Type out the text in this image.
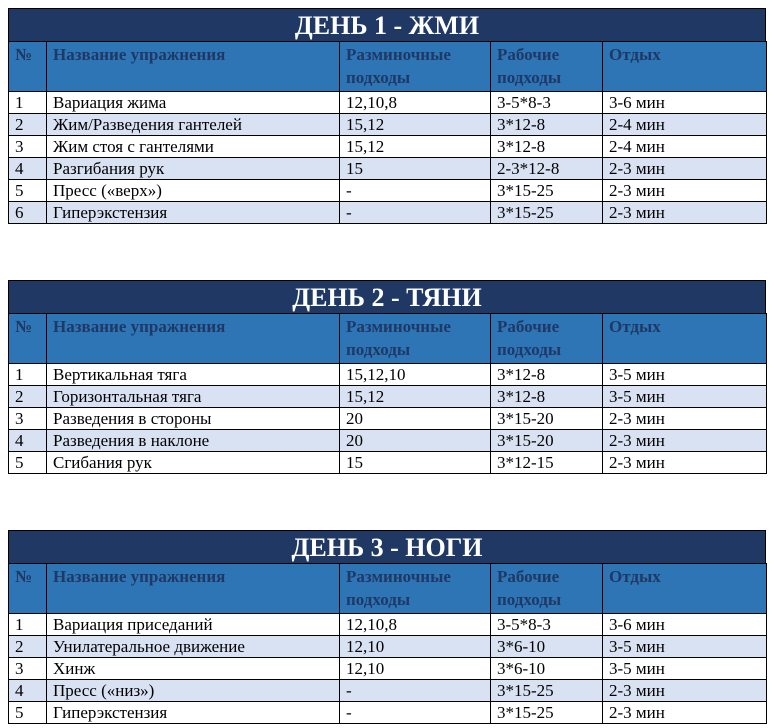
ДЕНЬ 1 - ЖМИ
№	Название упражнения	Разминочные подходы	Рабочие подходы	Отдых
1	Вариация жима	12,10,8	3-5*8-3	3-6 мин
2	Жим/Разведения гантелей	15,12	3*12-8	2-4 мин
3	Жим стоя с гантелями	15,12	3*12-8	2-4 мин
4	Разгибания рук	15	2-3*12-8	2-3 мин
5	Пресс («верх»)	-	3*15-25	2-3 мин
6	Гиперэкстензия	-	3*15-25	2-3 мин
ДЕНЬ 2 - ТЯНИ
№	Название упражнения	Разминочные подходы	Рабочие подходы	Отдых
1	Вертикальная тяга	15,12,10	3*12-8	3-5 мин
2	Горизонтальная тяга	15,12	3*12-8	3-5 мин
3	Разведения в стороны	20	3*15-20	2-3 мин
4	Разведения в наклоне	20	3*15-20	2-3 мин
5	Сгибания рук	15	3*12-15	2-3 мин
ДЕНЬ 3 - НОГИ
№	Название упражнения	Разминочные подходы	Рабочие подходы	Отдых
1	Вариация приседаний	12,10,8	3-5*8-3	3-6 мин
2	Унилатеральное движение	12,10	3*6-10	3-5 мин
3	Хинж	12,10	3*6-10	3-5 мин
4	Пресс («низ»)	-	3*15-25	2-3 мин
5	Гиперэкстензия	-	3*15-25	2-3 мин
